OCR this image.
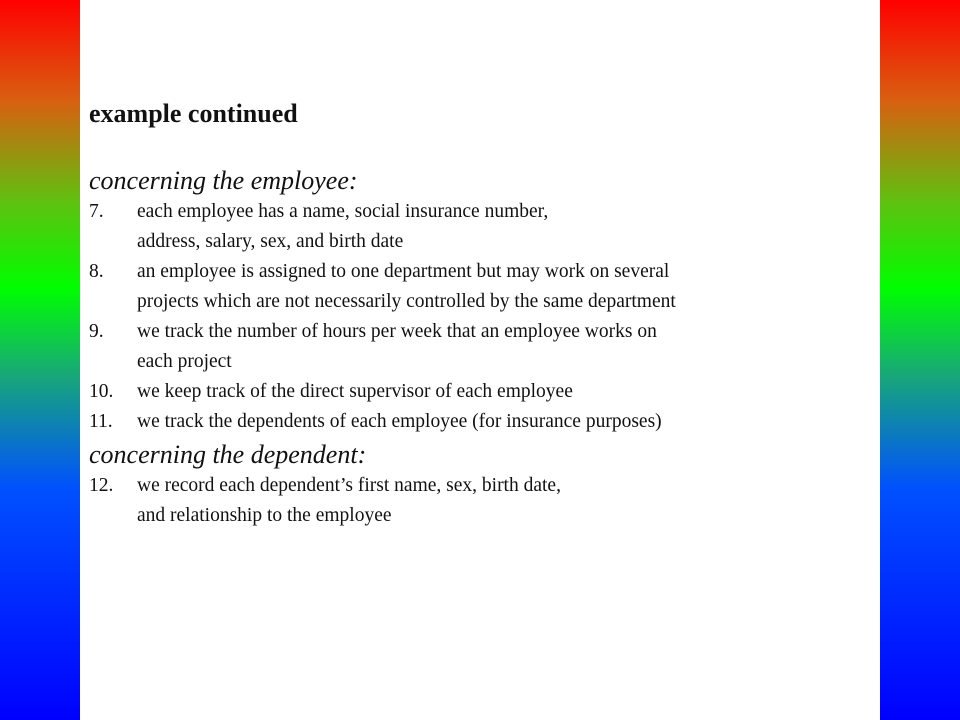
example continued
concerning the employee:
7. each employee has a name, social insurance number,
address, salary, sex, and birth date
8. an employee is assigned to one department but may work on several
projects which are not necessarily controlled by the same department
9. we track the number of hours per week that an employee works on
each project
10. we keep track of the direct supervisor of each employee
11. we track the dependents of each employee (for insurance purposes)
concerning the dependent:
12. we record each dependent’s first name, sex, birth date,
and relationship to the employee
